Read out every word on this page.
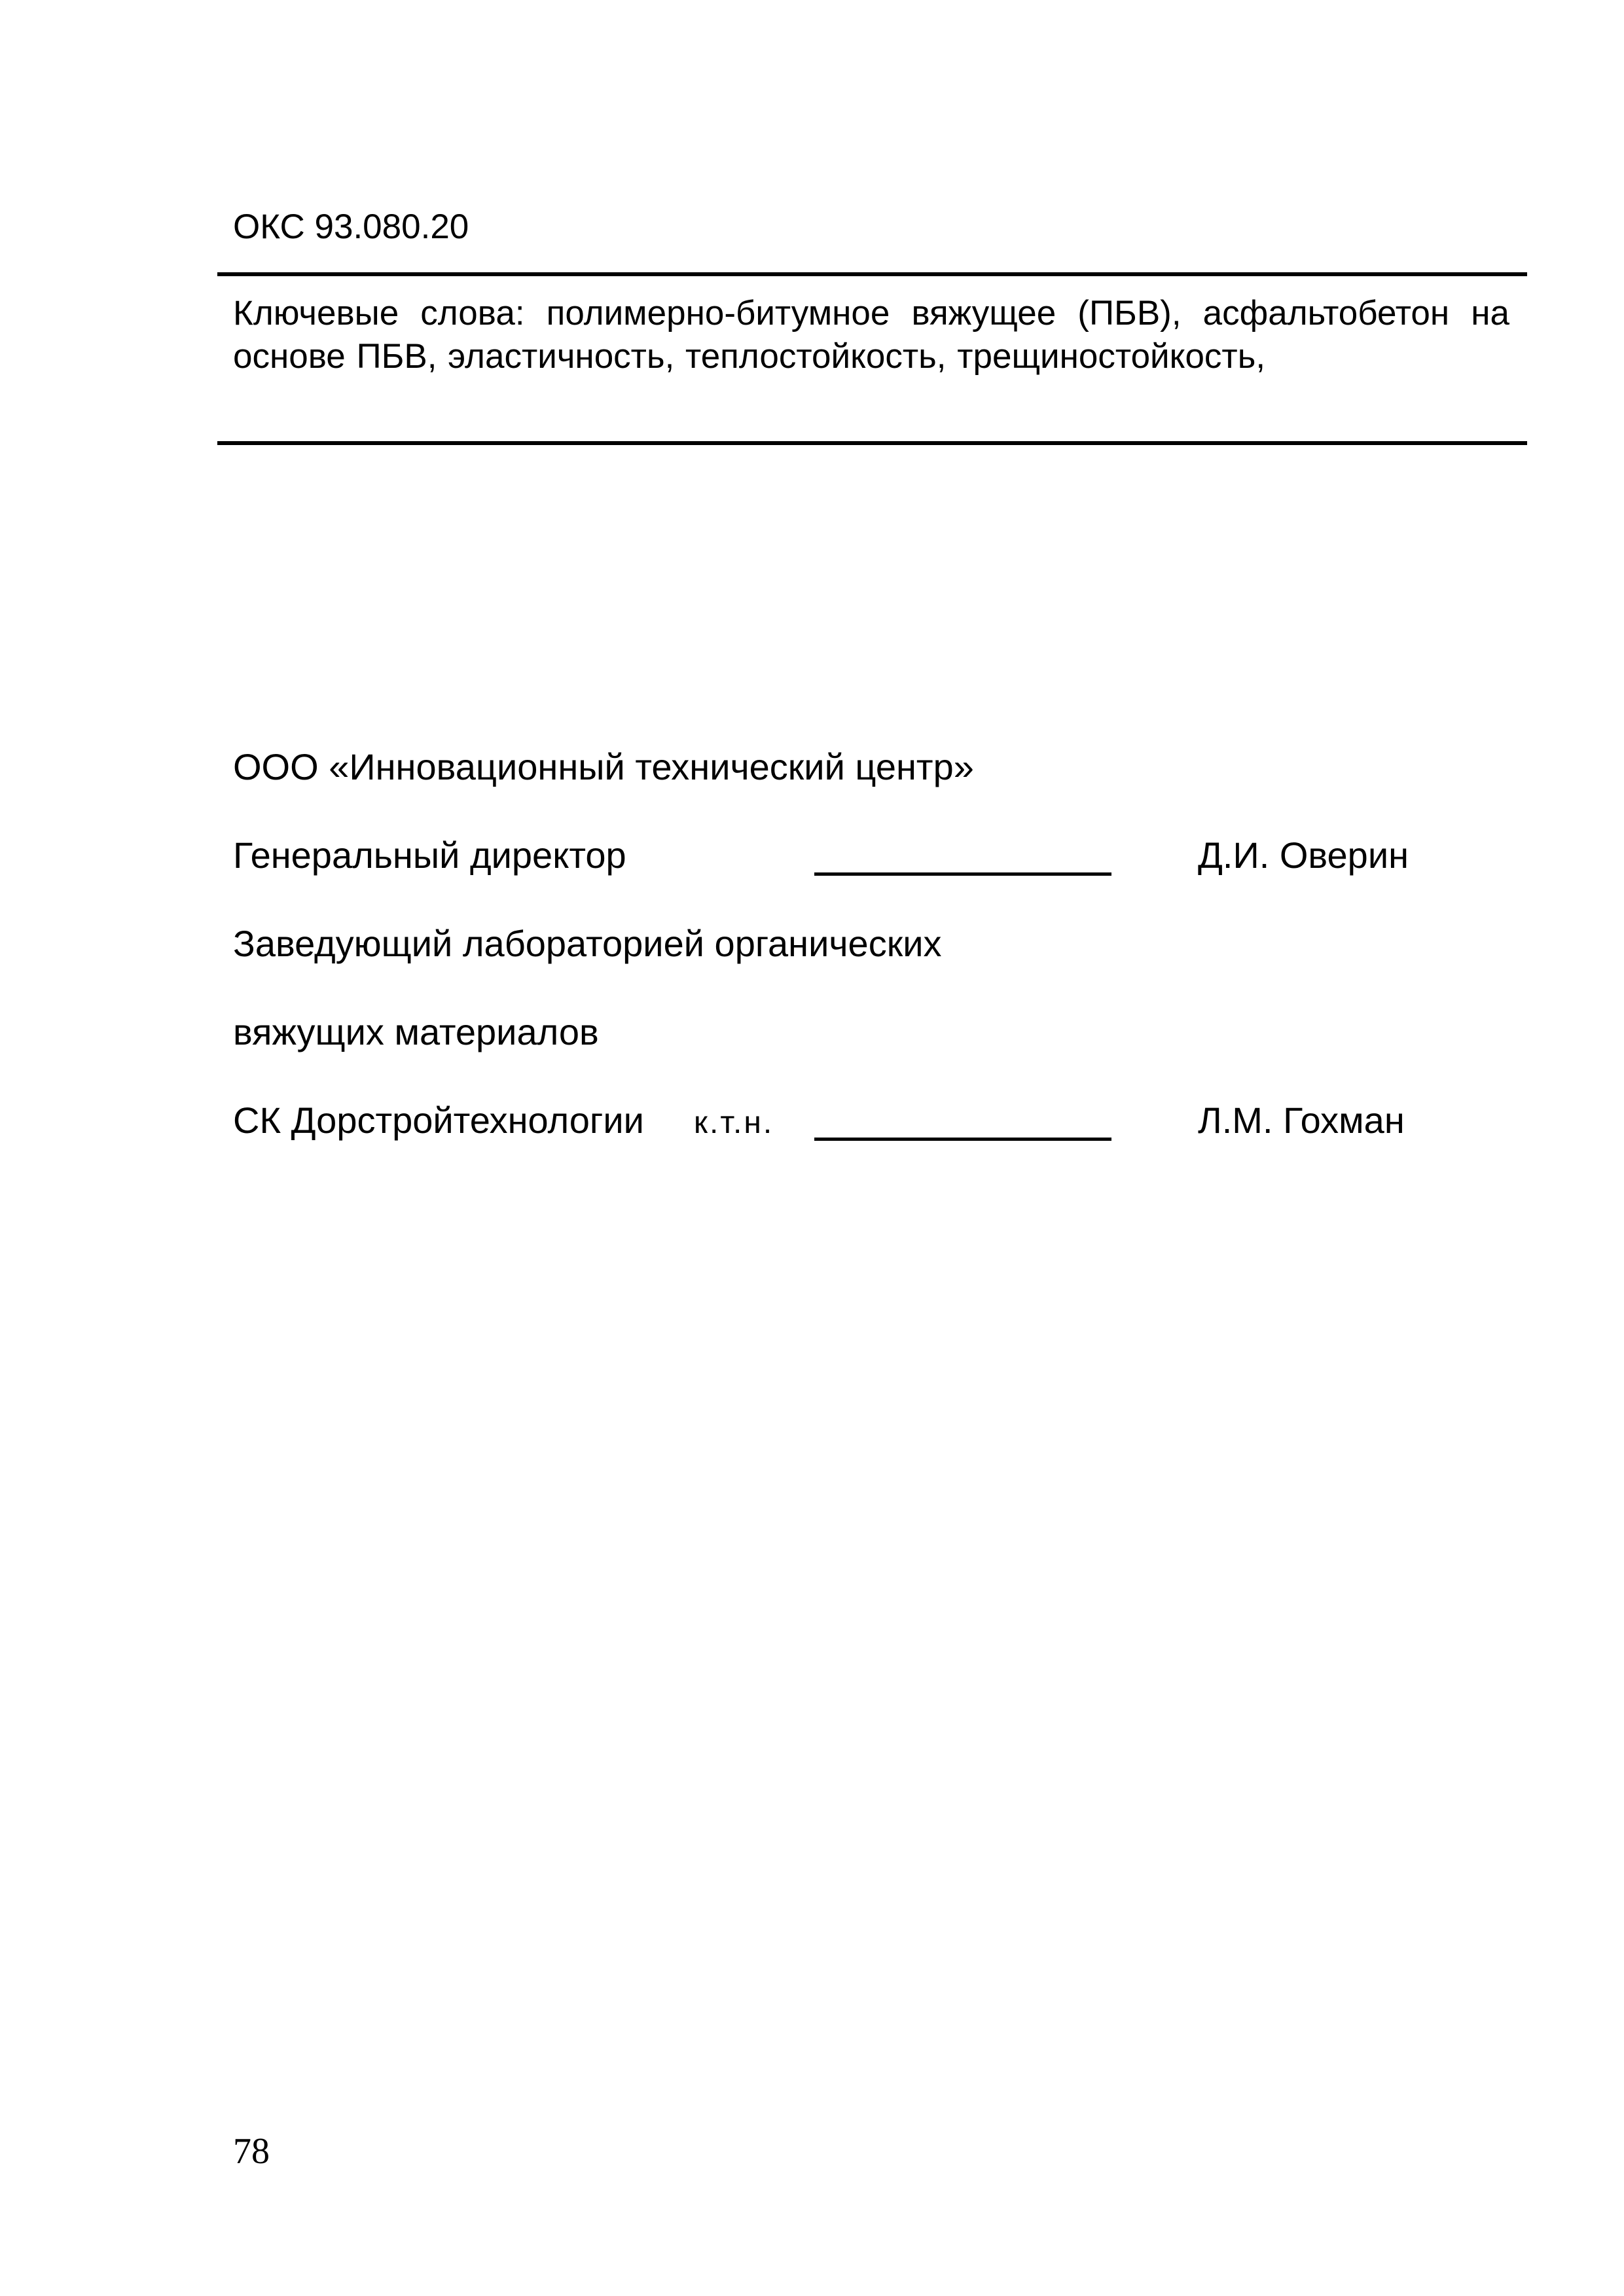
ОКС 93.080.20
Ключевые слова: полимерно-битумное вяжущее (ПБВ), асфальтобетон на основе ПБВ, эластичность, теплостойкость, трещиностойкость,
ООО «Инновационный технический центр»
Генеральный директор	Д.И. Оверин
Заведующий лабораторией органических
вяжущих материалов
СК Дорстройтехнологии к.т.н.	Л.М. Гохман
78
